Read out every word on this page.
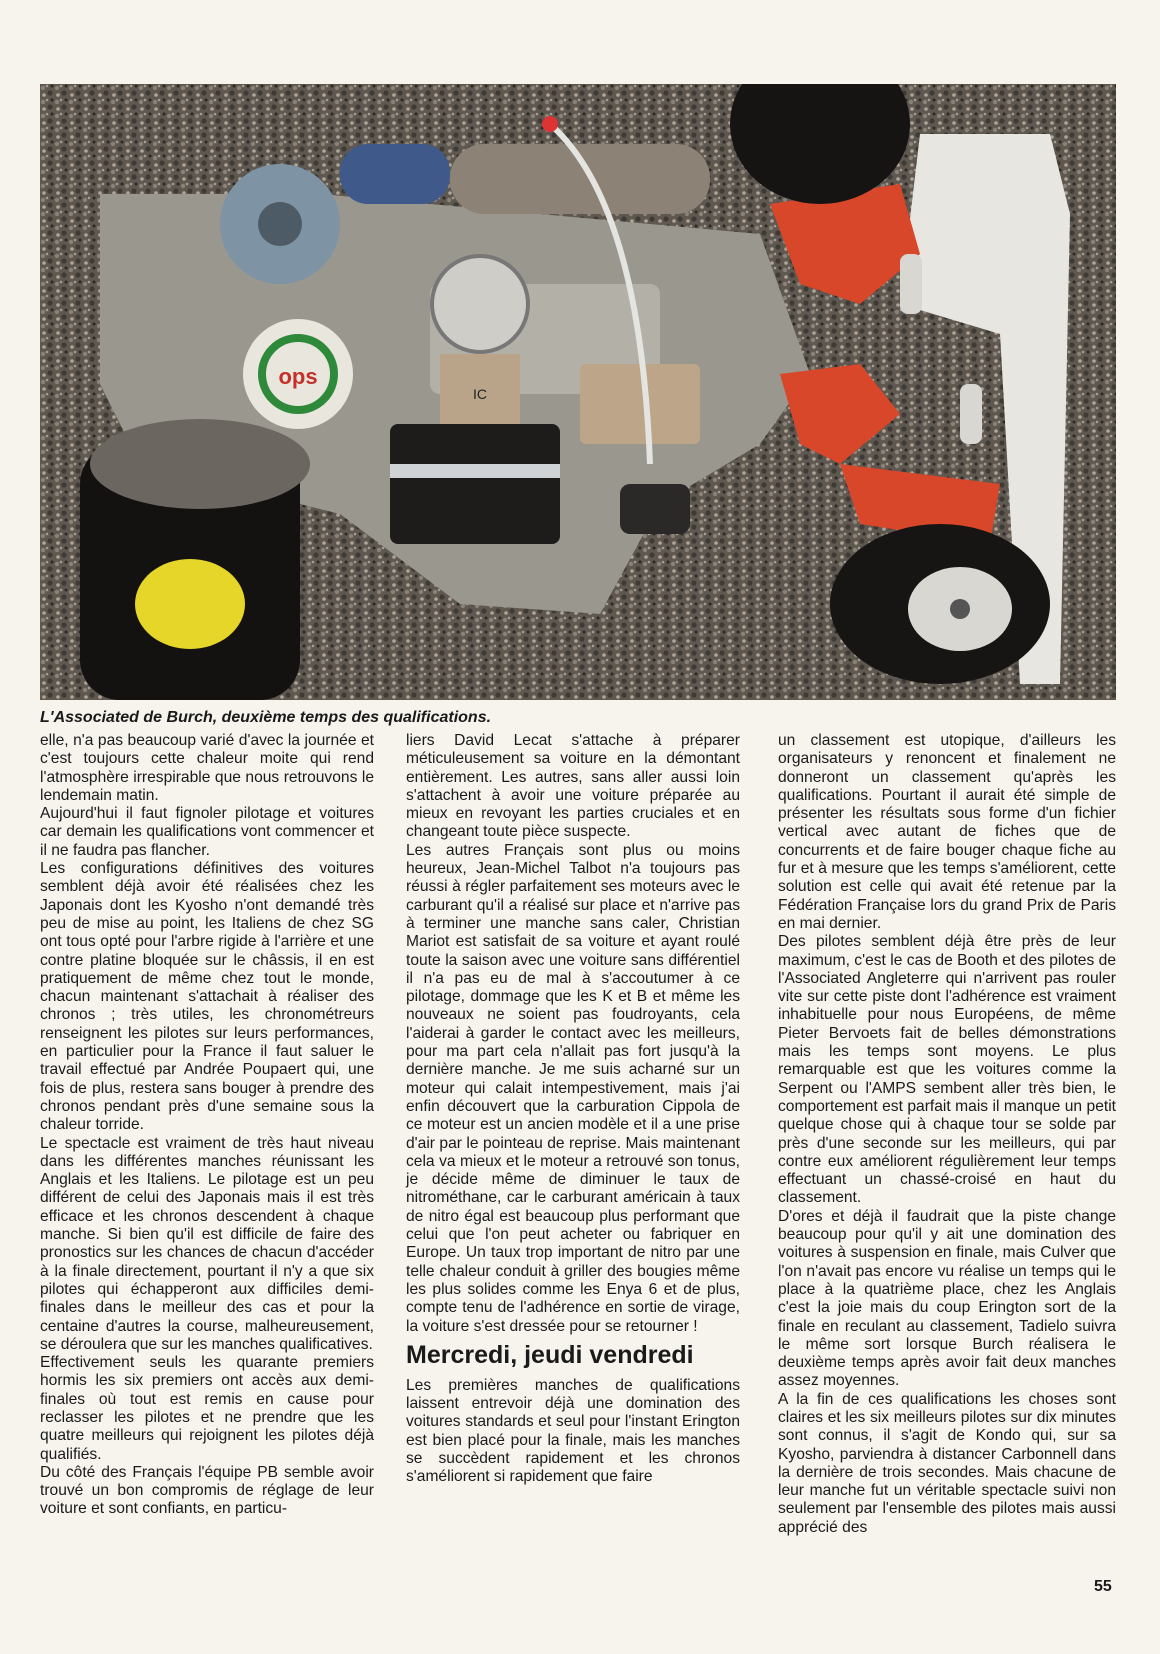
ops
IC
L'Associated de Burch, deuxième temps des qualifications.

elle, n'a pas beaucoup varié d'avec la journée et c'est toujours cette chaleur moite qui rend l'atmosphère irrespirable que nous retrouvons le lendemain matin.

Aujourd'hui il faut fignoler pilotage et voitures car demain les qualifications vont commencer et il ne faudra pas flancher.

Les configurations définitives des voitures semblent déjà avoir été réalisées chez les Japonais dont les Kyosho n'ont demandé très peu de mise au point, les Italiens de chez SG ont tous opté pour l'arbre rigide à l'arrière et une contre platine bloquée sur le châssis, il en est pratiquement de même chez tout le monde, chacun maintenant s'attachait à réaliser des chronos ; très utiles, les chronométreurs renseignent les pilotes sur leurs performances, en particulier pour la France il faut saluer le travail effectué par Andrée Poupaert qui, une fois de plus, restera sans bouger à prendre des chronos pendant près d'une semaine sous la chaleur torride.

Le spectacle est vraiment de très haut niveau dans les différentes manches réunissant les Anglais et les Italiens. Le pilotage est un peu différent de celui des Japonais mais il est très efficace et les chronos descendent à chaque manche. Si bien qu'il est difficile de faire des pronostics sur les chances de chacun d'accéder à la finale directement, pourtant il n'y a que six pilotes qui échapperont aux difficiles demi-finales dans le meilleur des cas et pour la centaine d'autres la course, malheureusement, se déroulera que sur les manches qualificatives.

Effectivement seuls les quarante premiers hormis les six premiers ont accès aux demi-finales où tout est remis en cause pour reclasser les pilotes et ne prendre que les quatre meilleurs qui rejoignent les pilotes déjà qualifiés.

Du côté des Français l'équipe PB semble avoir trouvé un bon compromis de réglage de leur voiture et sont confiants, en particu-

liers David Lecat s'attache à préparer méticuleusement sa voiture en la démontant entièrement. Les autres, sans aller aussi loin s'attachent à avoir une voiture préparée au mieux en revoyant les parties cruciales et en changeant toute pièce suspecte.

Les autres Français sont plus ou moins heureux, Jean-Michel Talbot n'a toujours pas réussi à régler parfaitement ses moteurs avec le carburant qu'il a réalisé sur place et n'arrive pas à terminer une manche sans caler, Christian Mariot est satisfait de sa voiture et ayant roulé toute la saison avec une voiture sans différentiel il n'a pas eu de mal à s'accoutumer à ce pilotage, dommage que les K et B et même les nouveaux ne soient pas foudroyants, cela l'aiderai à garder le contact avec les meilleurs, pour ma part cela n'allait pas fort jusqu'à la dernière manche. Je me suis acharné sur un moteur qui calait intempestivement, mais j'ai enfin découvert que la carburation Cippola de ce moteur est un ancien modèle et il a une prise d'air par le pointeau de reprise. Mais maintenant cela va mieux et le moteur a retrouvé son tonus, je décide même de diminuer le taux de nitrométhane, car le carburant américain à taux de nitro égal est beaucoup plus performant que celui que l'on peut acheter ou fabriquer en Europe. Un taux trop important de nitro par une telle chaleur conduit à griller des bougies même les plus solides comme les Enya 6 et de plus, compte tenu de l'adhérence en sortie de virage, la voiture s'est dressée pour se retourner !

Mercredi, jeudi vendredi

Les premières manches de qualifications laissent entrevoir déjà une domination des voitures standards et seul pour l'instant Erington est bien placé pour la finale, mais les manches se succèdent rapidement et les chronos s'améliorent si rapidement que faire

un classement est utopique, d'ailleurs les organisateurs y renoncent et finalement ne donneront un classement qu'après les qualifications. Pourtant il aurait été simple de présenter les résultats sous forme d'un fichier vertical avec autant de fiches que de concurrents et de faire bouger chaque fiche au fur et à mesure que les temps s'améliorent, cette solution est celle qui avait été retenue par la Fédération Française lors du grand Prix de Paris en mai dernier.

Des pilotes semblent déjà être près de leur maximum, c'est le cas de Booth et des pilotes de l'Associated Angleterre qui n'arrivent pas rouler vite sur cette piste dont l'adhérence est vraiment inhabituelle pour nous Européens, de même Pieter Bervoets fait de belles démonstrations mais les temps sont moyens. Le plus remarquable est que les voitures comme la Serpent ou l'AMPS sembent aller très bien, le comportement est parfait mais il manque un petit quelque chose qui à chaque tour se solde par près d'une seconde sur les meilleurs, qui par contre eux améliorent régulièrement leur temps effectuant un chassé-croisé en haut du classement.

D'ores et déjà il faudrait que la piste change beaucoup pour qu'il y ait une domination des voitures à suspension en finale, mais Culver que l'on n'avait pas encore vu réalise un temps qui le place à la quatrième place, chez les Anglais c'est la joie mais du coup Erington sort de la finale en reculant au classement, Tadielo suivra le même sort lorsque Burch réalisera le deuxième temps après avoir fait deux manches assez moyennes.

A la fin de ces qualifications les choses sont claires et les six meilleurs pilotes sur dix minutes sont connus, il s'agit de Kondo qui, sur sa Kyosho, parviendra à distancer Carbonnell dans la dernière de trois secondes. Mais chacune de leur manche fut un véritable spectacle suivi non seulement par l'ensemble des pilotes mais aussi apprécié des

55
